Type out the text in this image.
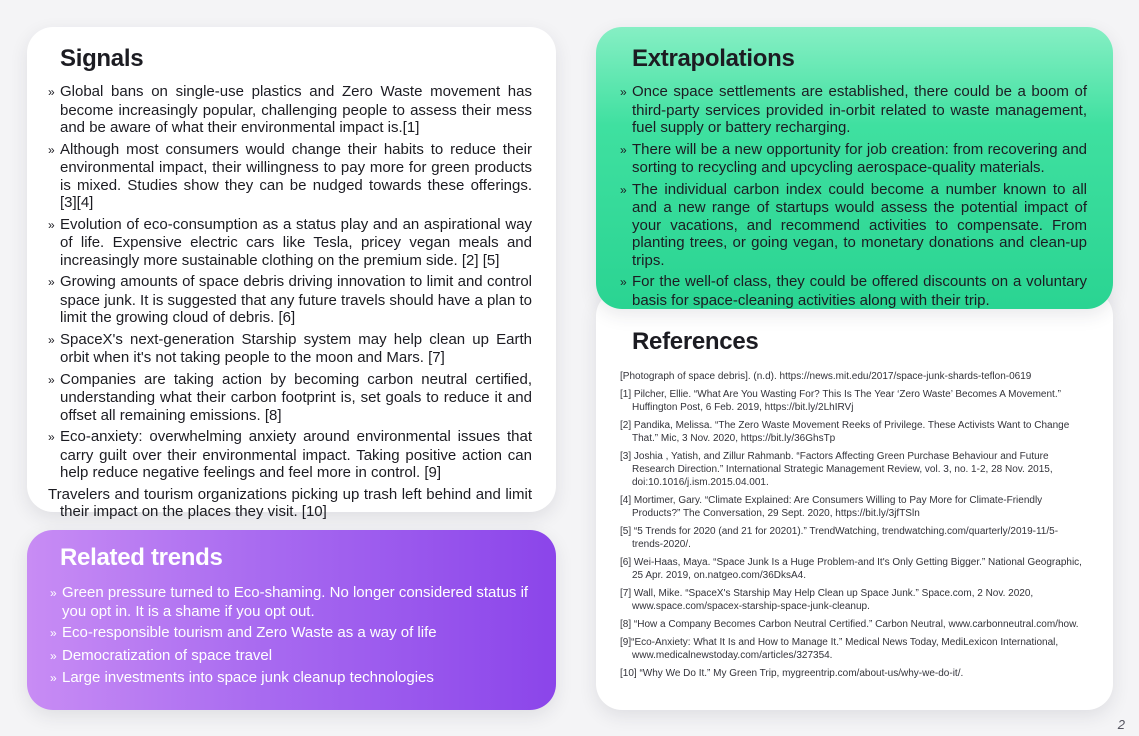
Signals
» Global bans on single-use plastics and Zero Waste movement has become increasingly popular, challenging people to assess their mess and be aware of what their environmental impact is.[1]
» Although most consumers would change their habits to reduce their environmental impact, their willingness to pay more for green products is mixed. Studies show they can be nudged towards these offerings. [3][4]
» Evolution of eco-consumption as a status play and an aspirational way of life. Expensive electric cars like Tesla, pricey vegan meals and increasingly more sustainable clothing on the premium side. [2] [5]
» Growing amounts of space debris driving innovation to limit and control space junk. It is suggested that any future travels should have a plan to limit the growing cloud of debris. [6]
» SpaceX's next-generation Starship system may help clean up Earth orbit when it's not taking people to the moon and Mars. [7]
» Companies are taking action by becoming carbon neutral certified, understanding what their carbon footprint is, set goals to reduce it and offset all remaining emissions. [8]
» Eco-anxiety: overwhelming anxiety around environmental issues that carry guilt over their environmental impact. Taking positive action can help reduce negative feelings and feel more in control. [9]
Travelers and tourism organizations picking up trash left behind and limit their impact on the places they visit. [10]
Related trends
» Green pressure turned to Eco-shaming. No longer considered status if you opt in. It is a shame if you opt out.
» Eco-responsible tourism and Zero Waste as a way of life
» Democratization of space travel
» Large investments into space junk cleanup technologies
Extrapolations
» Once space settlements are established, there could be a boom of third-party services provided in-orbit related to waste management, fuel supply or battery recharging.
» There will be a new opportunity for job creation: from recovering and sorting to recycling and upcycling aerospace-quality materials.
» The individual carbon index could become a number known to all and a new range of startups would assess the potential impact of your vacations, and recommend activities to compensate. From planting trees, or going vegan, to monetary donations and clean-up trips.
» For the well-of class, they could be offered discounts on a voluntary basis for space-cleaning activities along with their trip.
References
[Photograph of space debris]. (n.d). https://news.mit.edu/2017/space-junk-shards-teflon-0619
[1] Pilcher, Ellie. “What Are You Wasting For? This Is The Year ‘Zero Waste’ Becomes A Movement.” Huffington Post, 6 Feb. 2019, https://bit.ly/2LhIRVj
[2] Pandika, Melissa. “The Zero Waste Movement Reeks of Privilege. These Activists Want to Change That.” Mic, 3 Nov. 2020, https://bit.ly/36GhsTp
[3] Joshia , Yatish, and Zillur Rahmanb. “Factors Affecting Green Purchase Behaviour and Future Research Direction.” International Strategic Management Review, vol. 3, no. 1-2, 28 Nov. 2015, doi:10.1016/j.ism.2015.04.001.
[4] Mortimer, Gary. “Climate Explained: Are Consumers Willing to Pay More for Climate-Friendly Products?” The Conversation, 29 Sept. 2020, https://bit.ly/3jfTSln
[5] “5 Trends for 2020 (and 21 for 20201).” TrendWatching, trendwatching.com/quarterly/2019-11/5-trends-2020/.
[6] Wei-Haas, Maya. “Space Junk Is a Huge Problem-and It's Only Getting Bigger.” National Geographic, 25 Apr. 2019, on.natgeo.com/36DksA4.
[7] Wall, Mike. “SpaceX's Starship May Help Clean up Space Junk.” Space.com, 2 Nov. 2020, www.space.com/spacex-starship-space-junk-cleanup.
[8] “How a Company Becomes Carbon Neutral Certified.” Carbon Neutral, www.carbonneutral.com/how.
[9]“Eco-Anxiety: What It Is and How to Manage It.” Medical News Today, MediLexicon International, www.medicalnewstoday.com/articles/327354.
[10] “Why We Do It.” My Green Trip, mygreentrip.com/about-us/why-we-do-it/.
2
